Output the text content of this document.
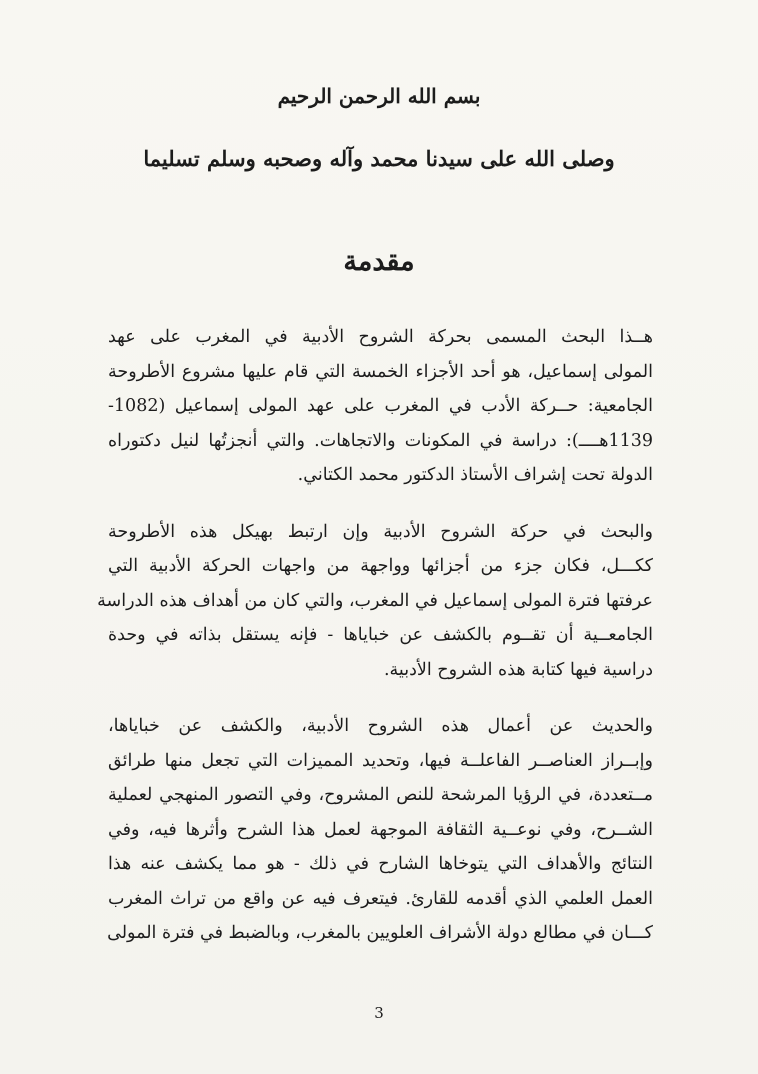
بسم الله الرحمن الرحيم
وصلى الله على سيدنا محمد وآله وصحبه وسلم تسليما
مقدمة
هــذا البحث المسمى بحركة الشروح الأدبية في المغرب على عهد
المولى إسماعيل، هو أحد الأجزاء الخمسة التي قام عليها مشروع الأطروحة
الجامعية: حــركة الأدب في المغرب على عهد المولى إسماعيل (1082-
1139هــــ): دراسة في المكونات والاتجاهات. والتي أنجزتُها لنيل دكتوراه
الدولة تحت إشراف الأستاذ الدكتور محمد الكتاني.
والبحث في حركة الشروح الأدبية وإن ارتبط بهيكل هذه الأطروحة
ككـــل، فكان جزء من أجزائها وواجهة من واجهات الحركة الأدبية التي
عرفتها فترة المولى إسماعيل في المغرب، والتي كان من أهداف هذه الدراسة
الجامعــية أن تقــوم بالكشف عن خباياها - فإنه يستقل بذاته في وحدة
دراسية فيها كتابة هذه الشروح الأدبية.
والحديث عن أعمال هذه الشروح الأدبية، والكشف عن خباياها،
وإبــراز العناصــر الفاعلــة فيها، وتحديد المميزات التي تجعل منها طرائق
مــتعددة، في الرؤيا المرشحة للنص المشروح، وفي التصور المنهجي لعملية
الشــرح، وفي نوعــية الثقافة الموجهة لعمل هذا الشرح وأثرها فيه، وفي
النتائج والأهداف التي يتوخاها الشارح في ذلك - هو مما يكشف عنه هذا
العمل العلمي الذي أقدمه للقارئ. فيتعرف فيه عن واقع من تراث المغرب
كـــان في مطالع دولة الأشراف العلويين بالمغرب، وبالضبط في فترة المولى
3
